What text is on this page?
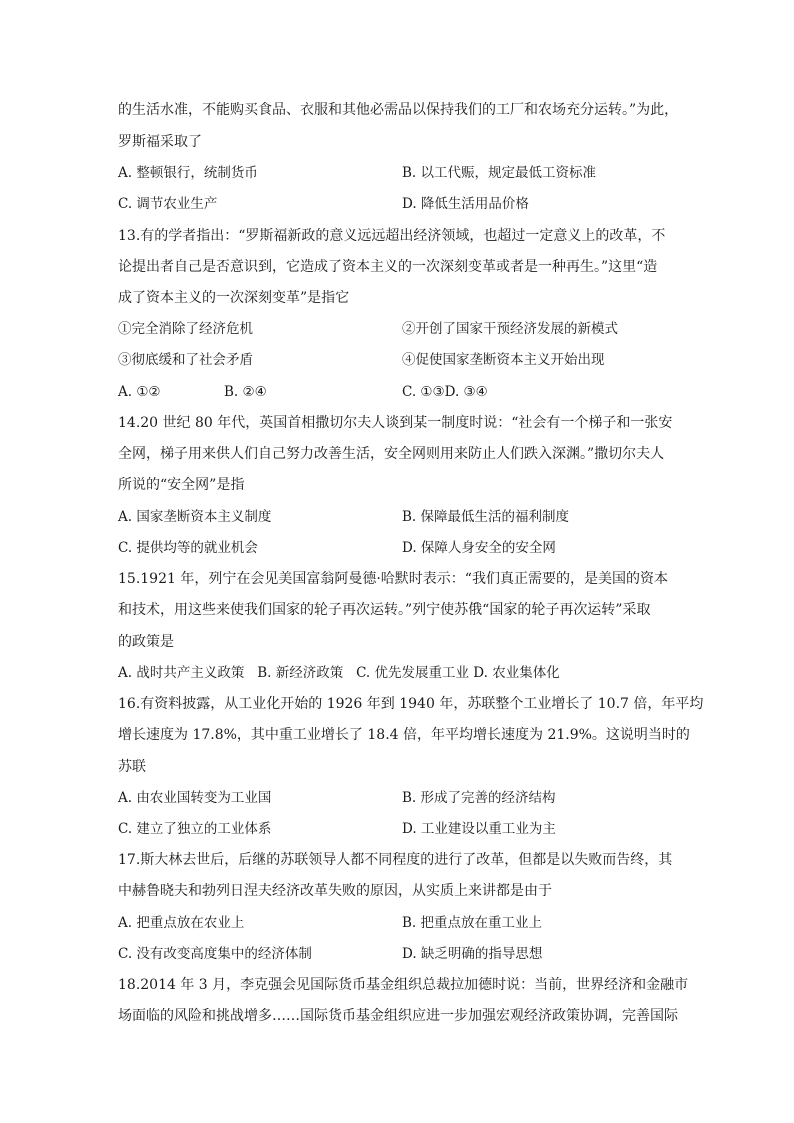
的生活水准，不能购买食品、衣服和其他必需品以保持我们的工厂和农场充分运转。”为此，
罗斯福采取了
A. 整顿银行，统制货币	B. 以工代赈，规定最低工资标准
C. 调节农业生产	D. 降低生活用品价格
13.有的学者指出：“罗斯福新政的意义远远超出经济领域，也超过一定意义上的改革，不
论提出者自己是否意识到，它造成了资本主义的一次深刻变革或者是一种再生。”这里“造
成了资本主义的一次深刻变革”是指它
①完全消除了经济危机	②开创了国家干预经济发展的新模式
③彻底缓和了社会矛盾	④促使国家垄断资本主义开始出现
A. ①②	B. ②④	C. ①③D. ③④
14.20 世纪 80 年代，英国首相撒切尔夫人谈到某一制度时说：“社会有一个梯子和一张安
全网，梯子用来供人们自己努力改善生活，安全网则用来防止人们跌入深渊。”撒切尔夫人
所说的“安全网”是指
A. 国家垄断资本主义制度	B. 保障最低生活的福利制度
C. 提供均等的就业机会	D. 保障人身安全的安全网
15.1921 年，列宁在会见美国富翁阿曼德·哈默时表示：“我们真正需要的，是美国的资本
和技术，用这些来使我们国家的轮子再次运转。”列宁使苏俄“国家的轮子再次运转”采取
的政策是
A. 战时共产主义政策   B. 新经济政策   C. 优先发展重工业 D. 农业集体化
16.有资料披露，从工业化开始的 1926 年到 1940 年，苏联整个工业增长了 10.7 倍，年平均
增长速度为 17.8%，其中重工业增长了 18.4 倍，年平均增长速度为 21.9%。这说明当时的
苏联
A. 由农业国转变为工业国	B. 形成了完善的经济结构
C. 建立了独立的工业体系	D. 工业建设以重工业为主
17.斯大林去世后，后继的苏联领导人都不同程度的进行了改革，但都是以失败而告终，其
中赫鲁晓夫和勃列日涅夫经济改革失败的原因，从实质上来讲都是由于
A. 把重点放在农业上	B. 把重点放在重工业上
C. 没有改变高度集中的经济体制	D. 缺乏明确的指导思想
18.2014 年 3 月，李克强会见国际货币基金组织总裁拉加德时说：当前，世界经济和金融市
场面临的风险和挑战增多……国际货币基金组织应进一步加强宏观经济政策协调，完善国际
